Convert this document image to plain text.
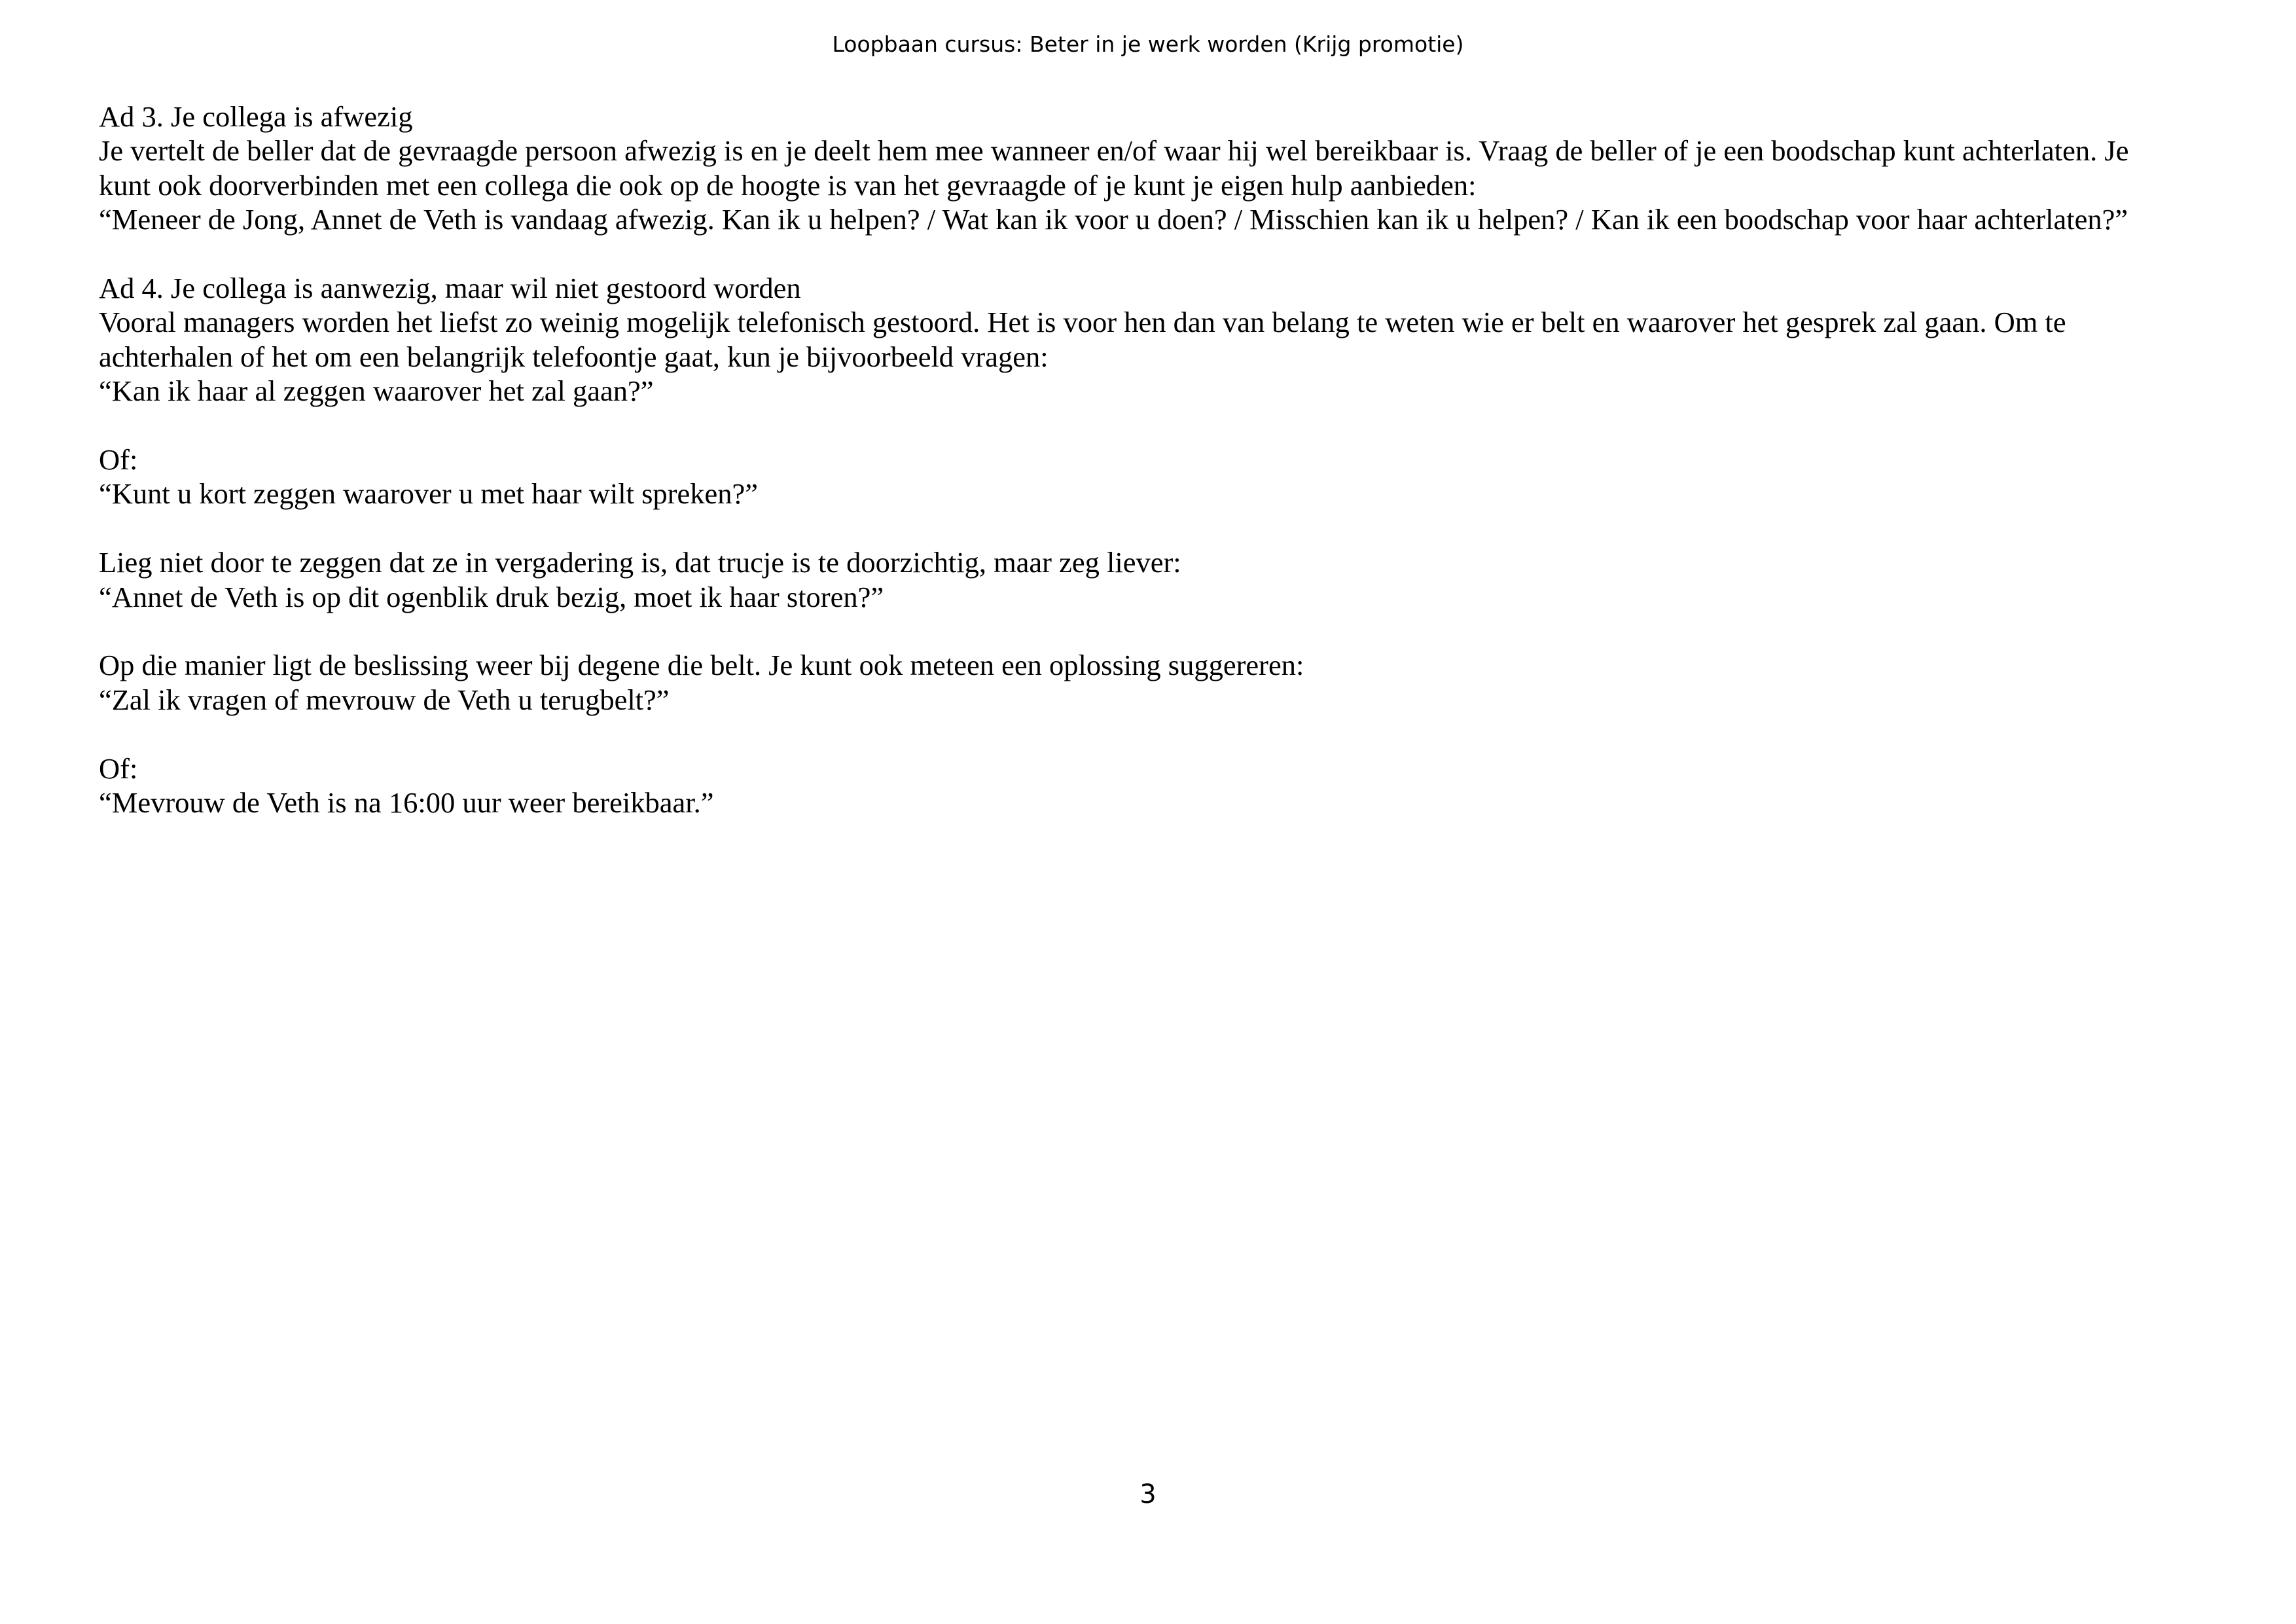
Loopbaan cursus: Beter in je werk worden (Krijg promotie)
Ad 3. Je collega is afwezig
Je vertelt de beller dat de gevraagde persoon afwezig is en je deelt hem mee wanneer en/of waar hij wel bereikbaar is. Vraag de beller of je een boodschap kunt achterlaten. Je
kunt ook doorverbinden met een collega die ook op de hoogte is van het gevraagde of je kunt je eigen hulp aanbieden:
“Meneer de Jong, Annet de Veth is vandaag afwezig. Kan ik u helpen? / Wat kan ik voor u doen? / Misschien kan ik u helpen? / Kan ik een boodschap voor haar achterlaten?”
Ad 4. Je collega is aanwezig, maar wil niet gestoord worden
Vooral managers worden het liefst zo weinig mogelijk telefonisch gestoord. Het is voor hen dan van belang te weten wie er belt en waarover het gesprek zal gaan. Om te
achterhalen of het om een belangrijk telefoontje gaat, kun je bijvoorbeeld vragen:
“Kan ik haar al zeggen waarover het zal gaan?”
Of:
“Kunt u kort zeggen waarover u met haar wilt spreken?”
Lieg niet door te zeggen dat ze in vergadering is, dat trucje is te doorzichtig, maar zeg liever:
“Annet de Veth is op dit ogenblik druk bezig, moet ik haar storen?”
Op die manier ligt de beslissing weer bij degene die belt. Je kunt ook meteen een oplossing suggereren:
“Zal ik vragen of mevrouw de Veth u terugbelt?”
Of:
“Mevrouw de Veth is na 16:00 uur weer bereikbaar.”
3
